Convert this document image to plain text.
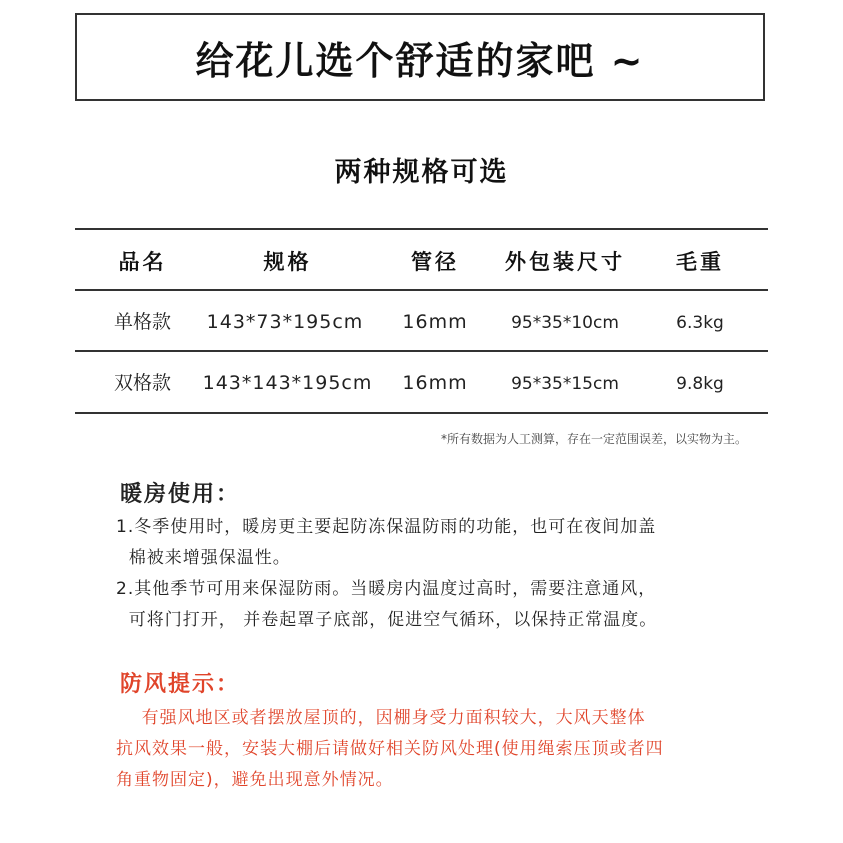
给花儿选个舒适的家吧 ~
两种规格可选
品名	规格	管径	外包装尺寸	毛重
单格款	143*73*195cm	16mm	95*35*10cm	6.3kg
双格款	143*143*195cm	16mm	95*35*15cm	9.8kg
*所有数据为人工测算，存在一定范围误差，以实物为主。
暖房使用：
1.冬季使用时，暖房更主要起防冻保温防雨的功能，也可在夜间加盖
棉被来增强保温性。
2.其他季节可用来保湿防雨。当暖房内温度过高时，需要注意通风，
可将门打开， 并卷起罩子底部，促进空气循环，以保持正常温度。
防风提示：
有强风地区或者摆放屋顶的，因棚身受力面积较大，大风天整体
抗风效果一般，安装大棚后请做好相关防风处理(使用绳索压顶或者四
角重物固定)，避免出现意外情况。
